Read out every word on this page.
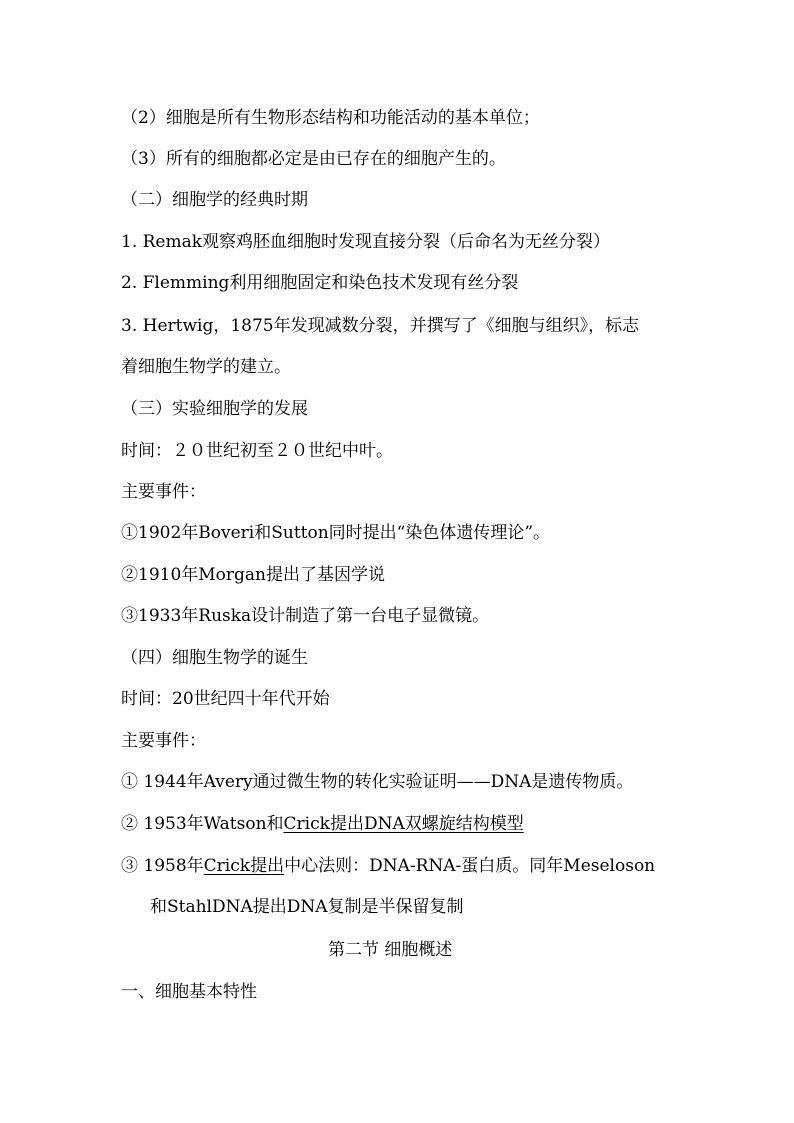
（2）细胞是所有生物形态结构和功能活动的基本单位；
（3）所有的细胞都必定是由已存在的细胞产生的。
（二）细胞学的经典时期
1. Remak观察鸡胚血细胞时发现直接分裂（后命名为无丝分裂）
2. Flemming利用细胞固定和染色技术发现有丝分裂
3. Hertwig，1875年发现减数分裂，并撰写了《细胞与组织》，标志
着细胞生物学的建立。
（三）实验细胞学的发展
时间：２０世纪初至２０世纪中叶。
主要事件：
①1902年Boveri和Sutton同时提出“染色体遗传理论”。
②1910年Morgan提出了基因学说
③1933年Ruska设计制造了第一台电子显微镜。
（四）细胞生物学的诞生
时间：20世纪四十年代开始
主要事件：
① 1944年Avery通过微生物的转化实验证明——DNA是遗传物质。
② 1953年Watson和Crick提出DNA双螺旋结构模型
③ 1958年Crick提出中心法则：DNA-RNA-蛋白质。同年Meseloson
和StahlDNA提出DNA复制是半保留复制
第二节 细胞概述
一、细胞基本特性
